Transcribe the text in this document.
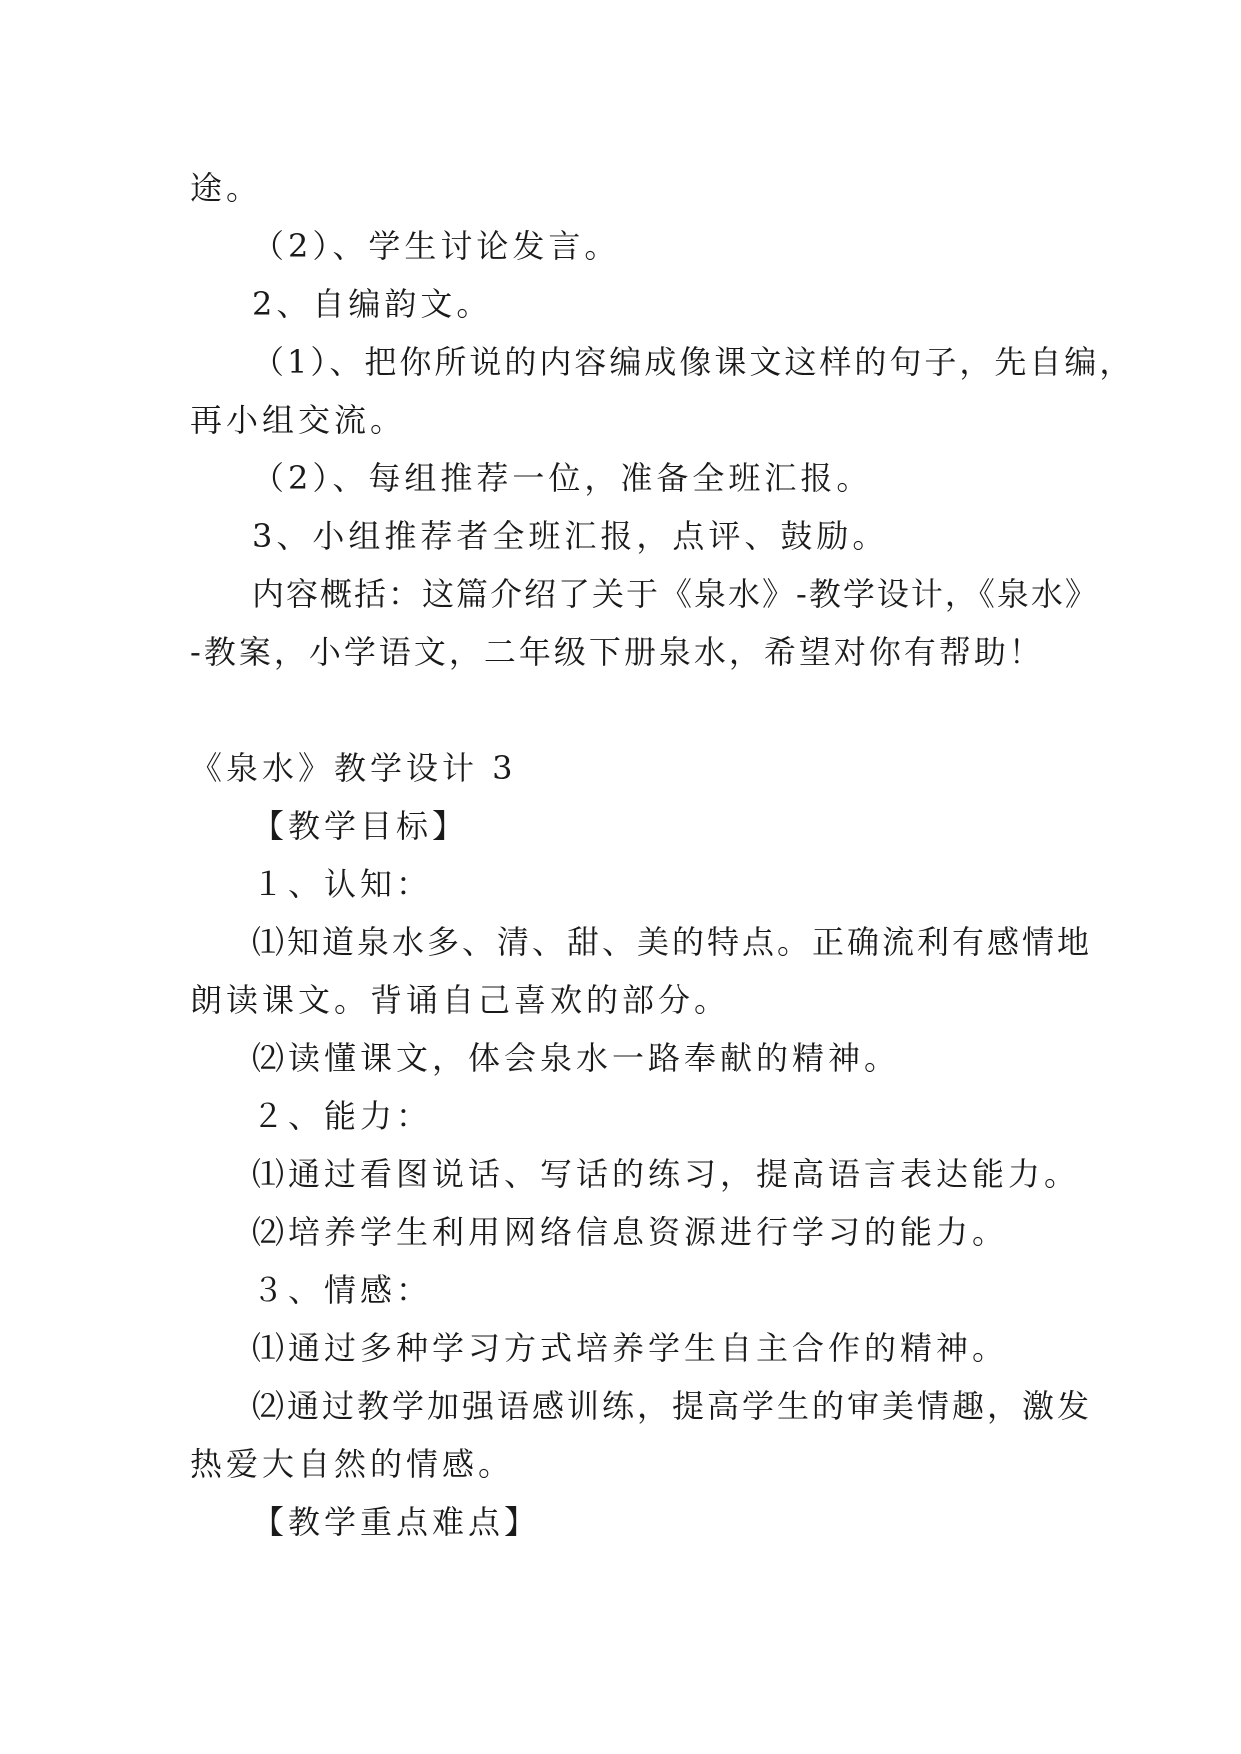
途。
（2）、学生讨论发言。
2、自编韵文。
（1）、把你所说的内容编成像课文这样的句子，先自编，
再小组交流。
（2）、每组推荐一位，准备全班汇报。
3、小组推荐者全班汇报，点评、鼓励。
内容概括：这篇介绍了关于《泉水》-教学设计，《泉水》
-教案，小学语文，二年级下册泉水，希望对你有帮助！
《泉水》教学设计 3
【教学目标】
１、认知：
⑴知道泉水多、清、甜、美的特点。正确流利有感情地
朗读课文。背诵自己喜欢的部分。
⑵读懂课文，体会泉水一路奉献的精神。
２、能力：
⑴通过看图说话、写话的练习，提高语言表达能力。
⑵培养学生利用网络信息资源进行学习的能力。
３、情感：
⑴通过多种学习方式培养学生自主合作的精神。
⑵通过教学加强语感训练，提高学生的审美情趣，激发
热爱大自然的情感。
【教学重点难点】
